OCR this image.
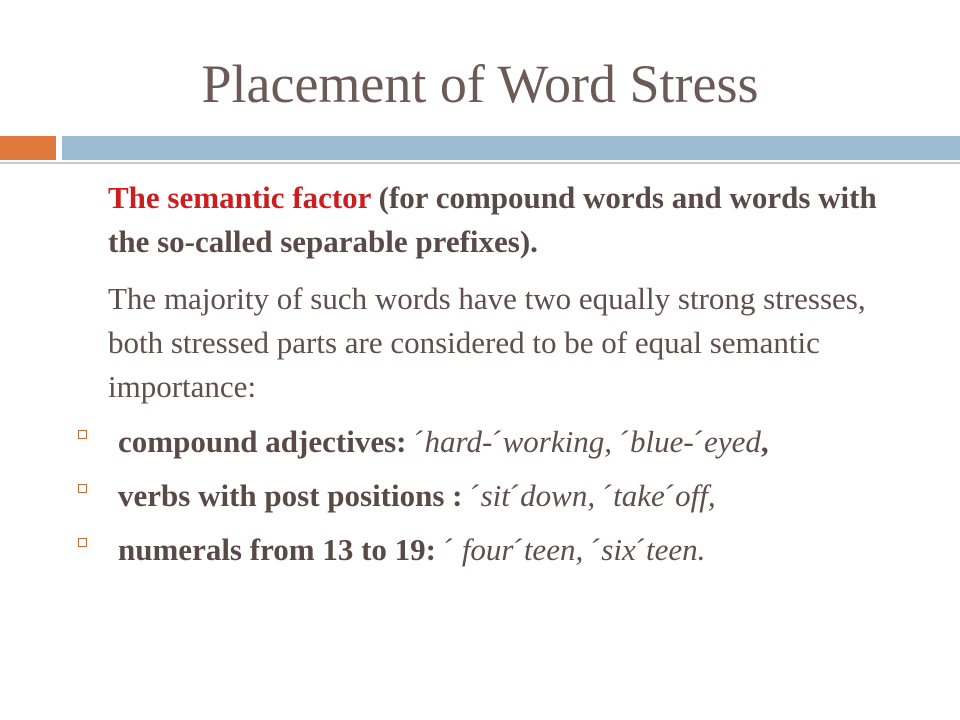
Placement of Word Stress
The semantic factor (for compound words and words with the so-called separable prefixes).
The majority of such words have two equally strong stresses, both stressed parts are considered to be of equal semantic importance:
compound adjectives: ˊhard-ˊworking, ˊblue-ˊeyed,
verbs with post positions : ˊsitˊdown, ˊtakeˊoff,
numerals from 13 to 19: ˊ fourˊteen, ˊsixˊteen.
